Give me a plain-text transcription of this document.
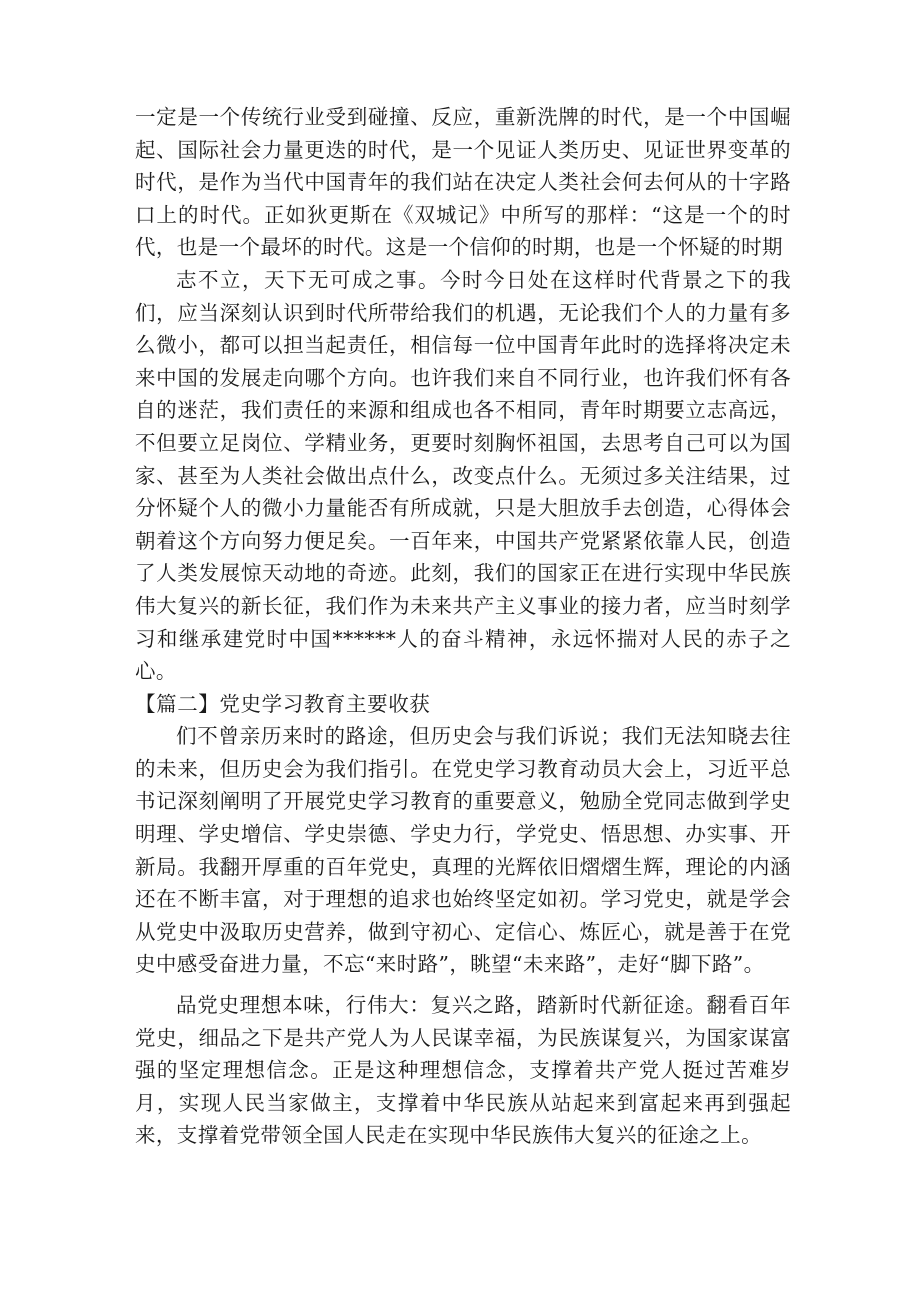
一定是一个传统行业受到碰撞、反应，重新洗牌的时代，是一个中国崛起、国际社会力量更迭的时代，是一个见证人类历史、见证世界变革的时代，是作为当代中国青年的我们站在决定人类社会何去何从的十字路口上的时代。正如狄更斯在《双城记》中所写的那样：“这是一个的时代，也是一个最坏的时代。这是一个信仰的时期，也是一个怀疑的时期

志不立，天下无可成之事。今时今日处在这样时代背景之下的我们，应当深刻认识到时代所带给我们的机遇，无论我们个人的力量有多么微小，都可以担当起责任，相信每一位中国青年此时的选择将决定未来中国的发展走向哪个方向。也许我们来自不同行业，也许我们怀有各自的迷茫，我们责任的来源和组成也各不相同，青年时期要立志高远，不但要立足岗位、学精业务，更要时刻胸怀祖国，去思考自己可以为国家、甚至为人类社会做出点什么，改变点什么。无须过多关注结果，过分怀疑个人的微小力量能否有所成就，只是大胆放手去创造，心得体会朝着这个方向努力便足矣。一百年来，中国共产党紧紧依靠人民，创造了人类发展惊天动地的奇迹。此刻，我们的国家正在进行实现中华民族伟大复兴的新长征，我们作为未来共产主义事业的接力者，应当时刻学习和继承建党时中国******人的奋斗精神，永远怀揣对人民的赤子之心。

【篇二】党史学习教育主要收获

们不曾亲历来时的路途，但历史会与我们诉说；我们无法知晓去往的未来，但历史会为我们指引。在党史学习教育动员大会上，习近平总书记深刻阐明了开展党史学习教育的重要意义，勉励全党同志做到学史明理、学史增信、学史崇德、学史力行，学党史、悟思想、办实事、开新局。我翻开厚重的百年党史，真理的光辉依旧熠熠生辉，理论的内涵还在不断丰富，对于理想的追求也始终坚定如初。学习党史，就是学会从党史中汲取历史营养，做到守初心、定信心、炼匠心，就是善于在党史中感受奋进力量，不忘“来时路”，眺望“未来路”，走好“脚下路”。

品党史理想本味，行伟大：复兴之路，踏新时代新征途。翻看百年党史，细品之下是共产党人为人民谋幸福，为民族谋复兴，为国家谋富强的坚定理想信念。正是这种理想信念，支撑着共产党人挺过苦难岁月，实现人民当家做主，支撑着中华民族从站起来到富起来再到强起来，支撑着党带领全国人民走在实现中华民族伟大复兴的征途之上。
